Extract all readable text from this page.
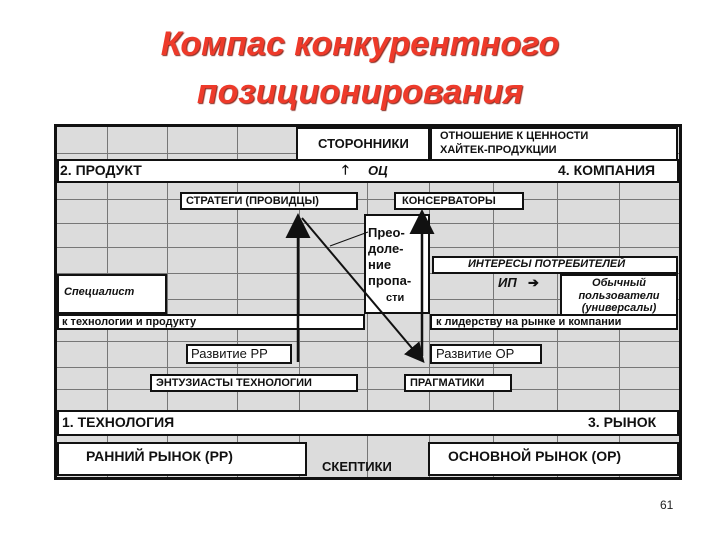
Компас конкурентного
позиционирования
СТОРОННИКИ	ОТНОШЕНИЕ К ЦЕННОСТИ
ХАЙТЕК-ПРОДУКЦИИ
2. ПРОДУКТ	🡑 ОЦ	4. КОМПАНИЯ
СТРАТЕГИ (ПРОВИДЦЫ)	КОНСЕРВАТОРЫ
Прео-
доле-
ние
пропа-
сти
ИНТЕРЕСЫ ПОТРЕБИТЕЛЕЙ
Специалист
ИП ➔	Обычный
пользователи
(универсалы)
к технологии и продукту	к лидерству на рынке и компании
Развитие РР	Развитие ОР
ЭНТУЗИАСТЫ ТЕХНОЛОГИИ	ПРАГМАТИКИ
1. ТЕХНОЛОГИЯ	3. РЫНОК
РАННИЙ РЫНОК (РР)
СКЕПТИКИ
ОСНОВНОЙ РЫНОК (ОР)
61
